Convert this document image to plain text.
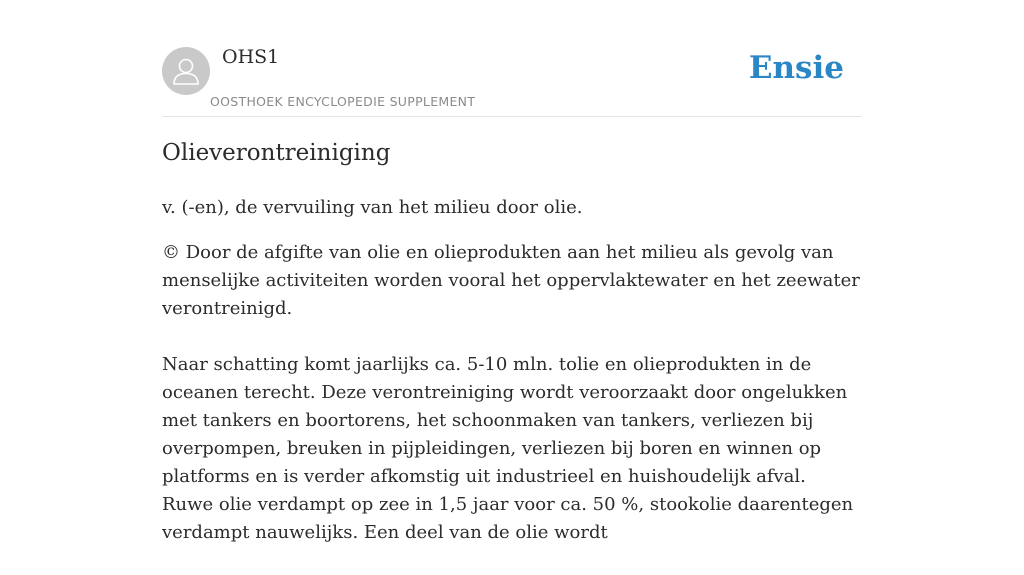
OHS1
OOSTHOEK ENCYCLOPEDIE SUPPLEMENT
Ensie
Olieverontreiniging

v. (-en), de vervuiling van het milieu door olie.

© Door de afgifte van olie en olieprodukten aan het milieu als gevolg van menselijke activiteiten worden vooral het oppervlaktewater en het zeewater verontreinigd.

Naar schatting komt jaarlijks ca. 5-10 mln. tolie en olieprodukten in de oceanen terecht. Deze verontreiniging wordt veroorzaakt door ongelukken met tankers en boortorens, het schoonmaken van tankers, verliezen bij overpompen, breuken in pijpleidingen, verliezen bij boren en winnen op platforms en is verder afkomstig uit industrieel en huishoudelijk afval. Ruwe olie verdampt op zee in 1,5 jaar voor ca. 50 %, stookolie daarentegen verdampt nauwelijks. Een deel van de olie wordt
